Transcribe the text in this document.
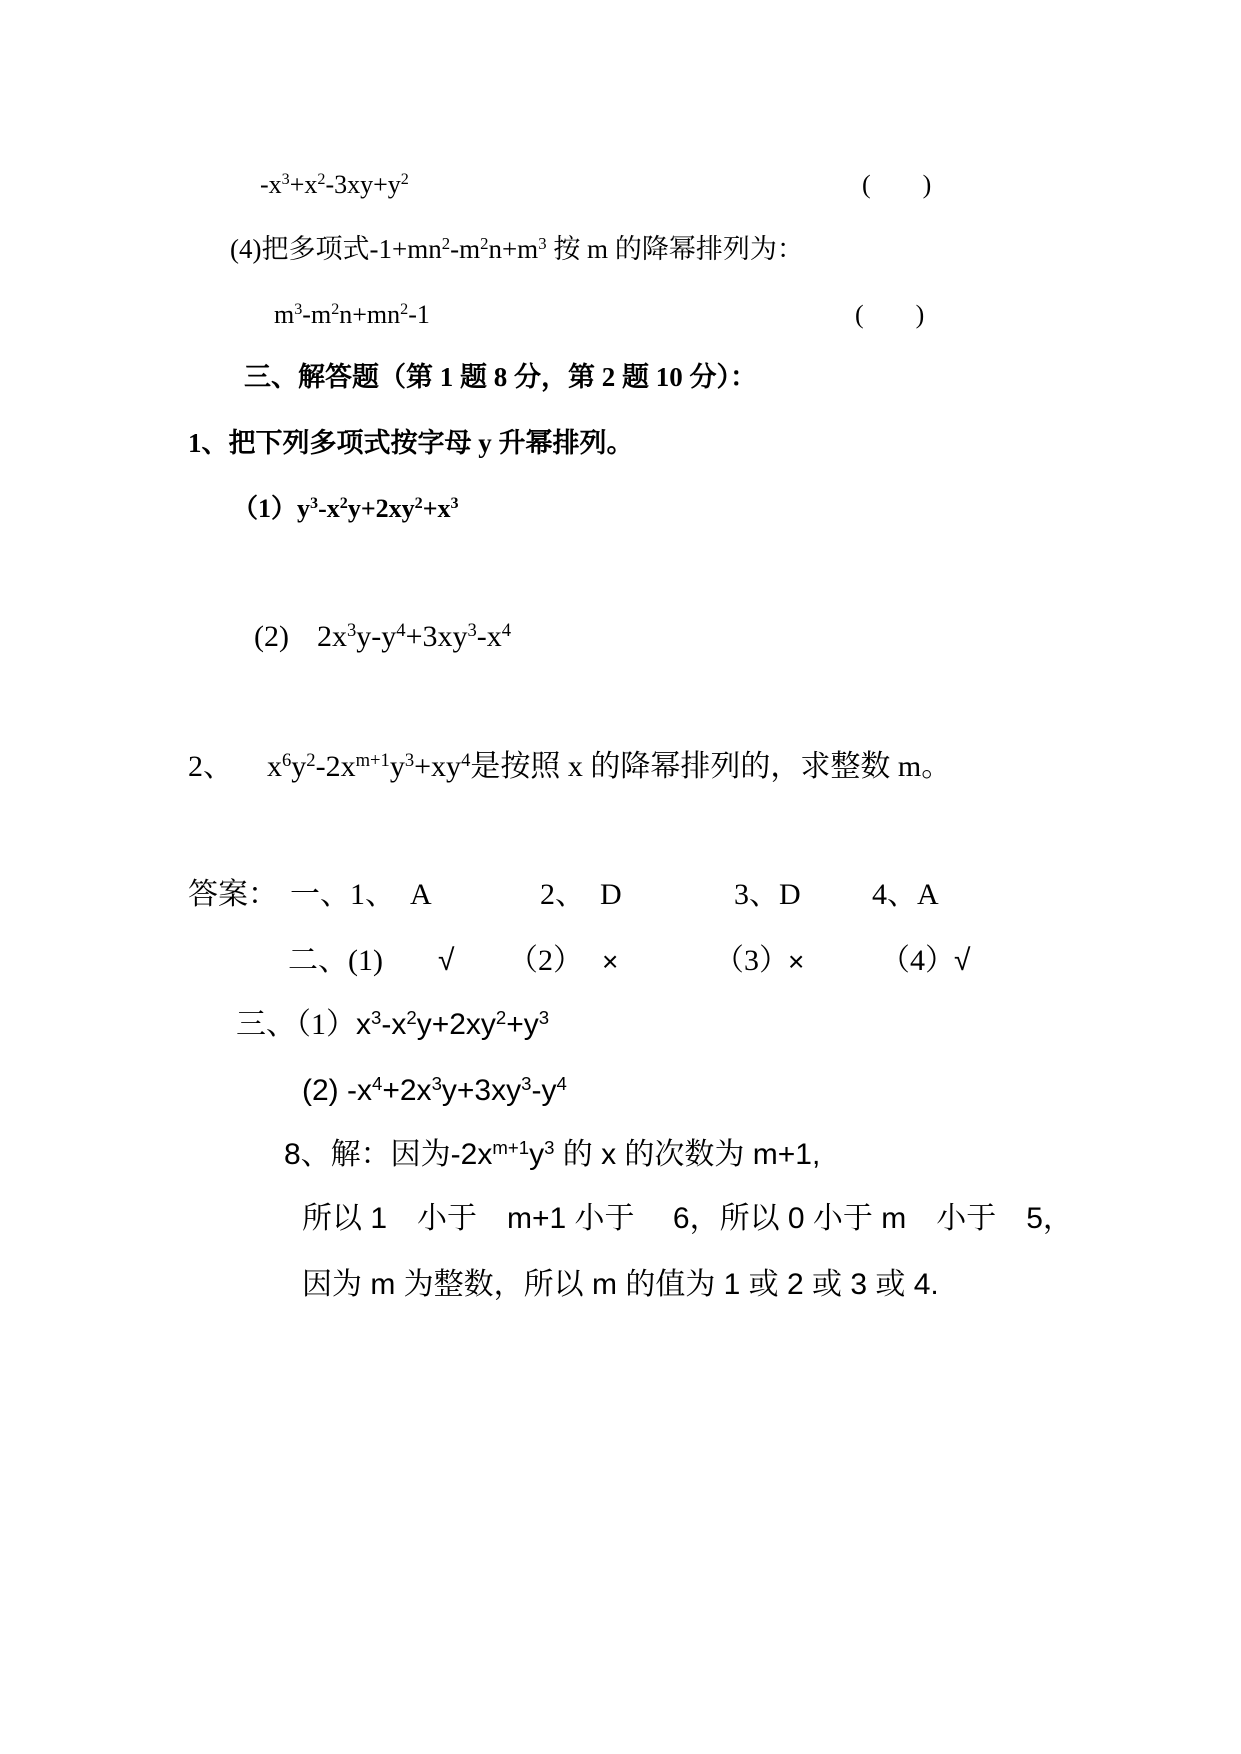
$-x^3+x^2-3xy+y^2$	(　　)
(4)把多项式$-1+mn^2-m^2n+m^3$ 按 m 的降幂排列为：
$m^3-m^2n+mn^2-1$	(　　)
三、解答题（第 1 题 8 分，第 2 题 10 分）：
1、把下列多项式按字母 y 升幂排列。
$(1)y^3-x^2y+2xy^2+x^3$
(2) $2x^3y-y^4+3xy^3-x^4$
2、 $x^6y^2-2x^{m+1}y^3+xy^4$是按照 x 的降幂排列的，求整数 m。
答案： 一、1、　A	2、　D	3、D 4、A
二、(1) √ （2） ×	（3） ×	（4） √
三、$(1)x^3-x^2y+2xy^2+y^3$
(2) $-x^4+2x^3y+3xy^3-y^4$
8、解：因为$-2x^{m+1}y^3$ 的 x 的次数为 m+1,
所以 1　小于　m+1 小于　 6，所以 0 小于 m　小于　5，
因为 m 为整数，所以 m 的值为 1 或 2 或 3 或 4.
